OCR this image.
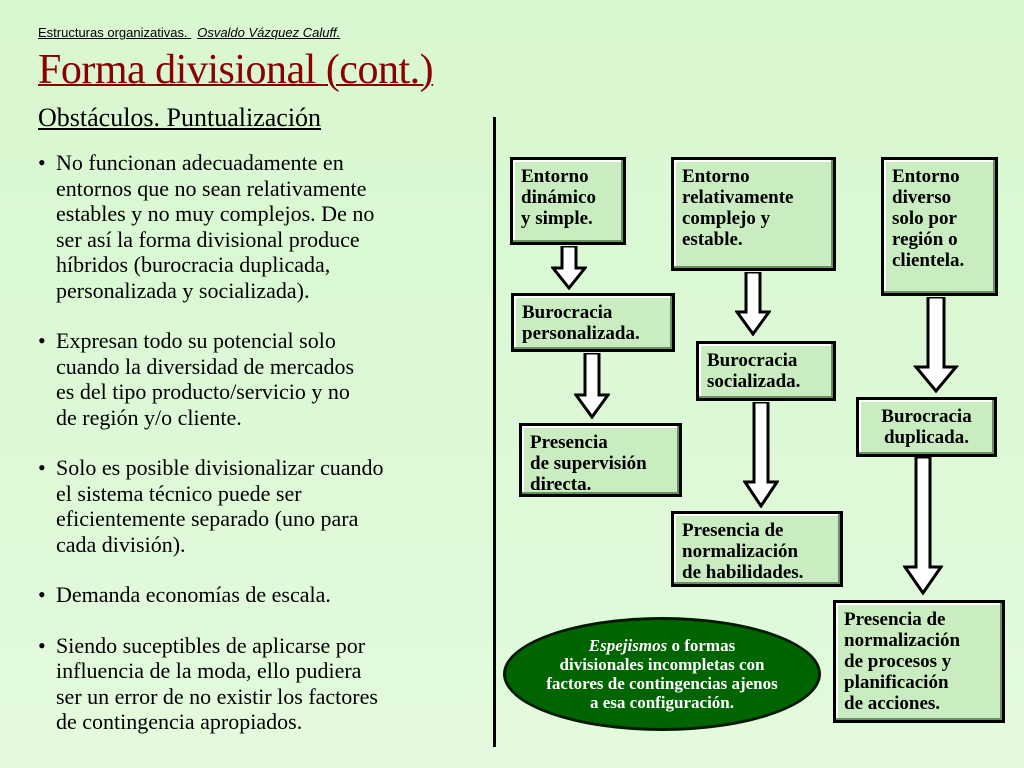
Estructuras organizativas. Osvaldo Vázquez Caluff.
Forma divisional (cont.)
Obstáculos. Puntualización
• No funcionan adecuadamente en
entornos que no sean relativamente
estables y no muy complejos. De no
ser así la forma divisional produce
híbridos (burocracia duplicada,
personalizada y socializada).
• Expresan todo su potencial solo
cuando la diversidad de mercados
es del tipo producto/servicio y no
de región y/o cliente.
• Solo es posible divisionalizar cuando
el sistema técnico puede ser
eficientemente separado (uno para
cada división).
• Demanda economías de escala.
• Siendo suceptibles de aplicarse por
influencia de la moda, ello pudiera
ser un error de no existir los factores
de contingencia apropiados.
Entorno
dinámico
y simple.
Burocracia
personalizada.
Presencia
de supervisión
directa.
Entorno
relativamente
complejo y
estable.
Burocracia
socializada.
Presencia de
normalización
de habilidades.
Entorno
diverso
solo por
región o
clientela.
Burocracia
duplicada.
Presencia de
normalización
de procesos y
planificación
de acciones.
Espejismos o formas
divisionales incompletas con
factores de contingencias ajenos
a esa configuración.
